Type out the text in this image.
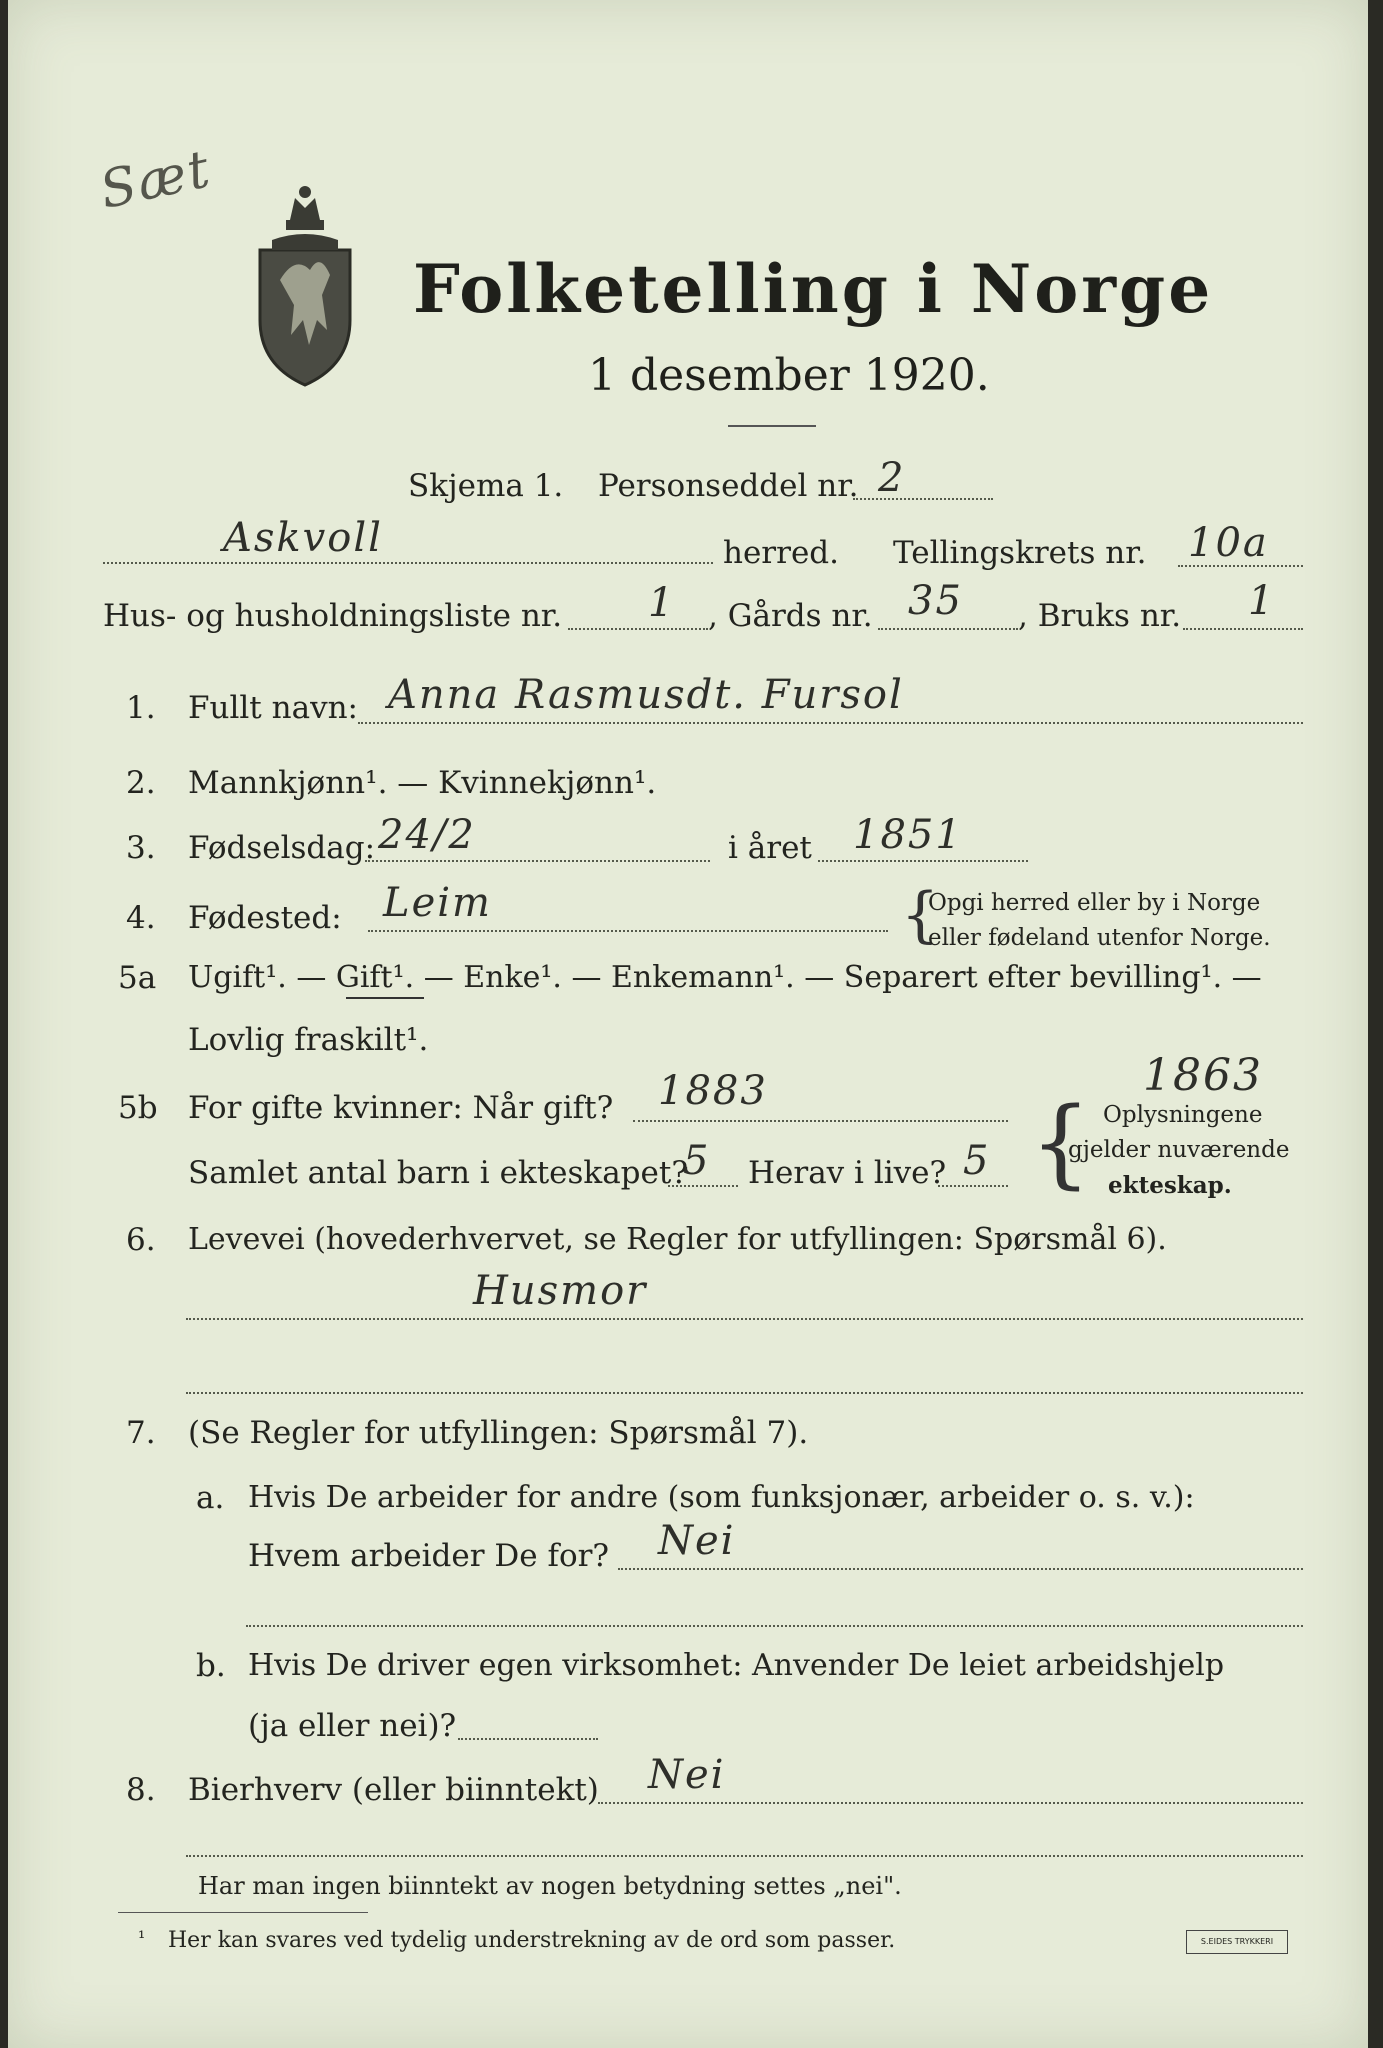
Sæt
Folketelling i Norge
1 desember 1920.
Skjema 1. Personseddel nr. 2
Askvoll	herred. Tellingskrets nr. 10a
Hus- og husholdningsliste nr. 1 , Gårds nr. 35 , Bruks nr. 1
1. Fullt navn: Anna Rasmusdt. Fursol
2. Mannkjønn¹. — Kvinnekjønn¹.
3. Fødselsdag: 24/2	i året 1851
4. Fødested: Leim	{
Opgi herred eller by i Norge
eller fødeland utenfor Norge.
5a Ugift¹. — Gift¹. — Enke¹. — Enkemann¹. — Separert efter bevilling¹. —
Lovlig fraskilt¹.
1863
5b For gifte kvinner: Når gift? 1883
Samlet antal barn i ekteskapet?
5 Herav i live? 5 { Oplysningene
gjelder nuværende
ekteskap.
6. Levevei (hovederhvervet, se Regler for utfyllingen: Spørsmål 6).
Husmor
7. (Se Regler for utfyllingen: Spørsmål 7).
a. Hvis De arbeider for andre (som funksjonær, arbeider o. s. v.):
Hvem arbeider De for? Nei
b. Hvis De driver egen virksomhet: Anvender De leiet arbeidshjelp
(ja eller nei)?
8. Bierhverv (eller biinntekt) Nei
Har man ingen biinntekt av nogen betydning settes „nei".
¹ Her kan svares ved tydelig understrekning av de ord som passer.	S.EIDES TRYKKERI
